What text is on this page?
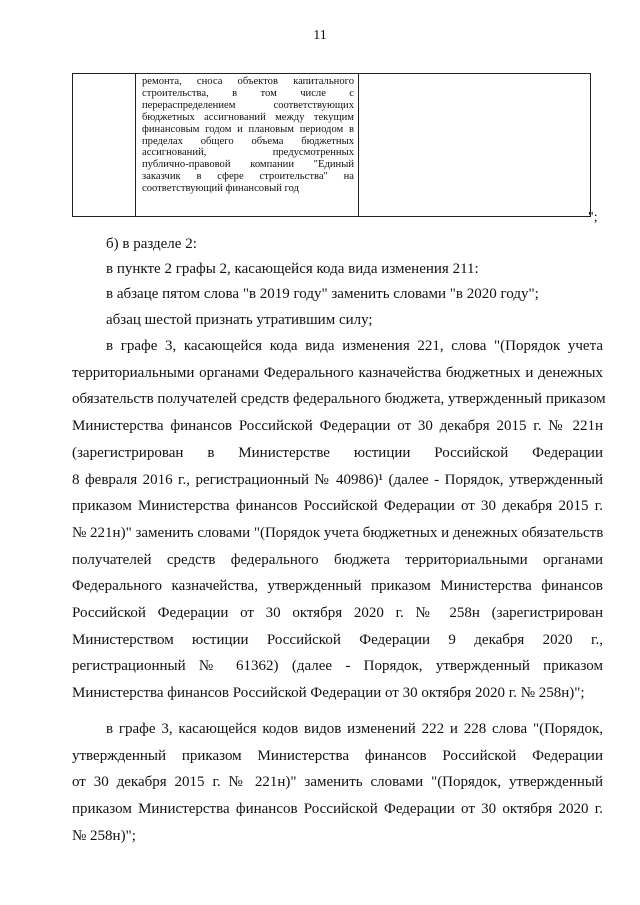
11

ремонта, сноса объектов капитального
строительства, в том числе с
перераспределением соответствующих
бюджетных ассигнований между текущим
финансовым годом и плановым периодом в
пределах общего объема бюджетных
ассигнований, предусмотренных
публично-правовой компании "Единый
заказчик в сфере строительства" на
соответствующий финансовый год

";
б) в разделе 2:
в пункте 2 графы 2, касающейся кода вида изменения 211:
в абзаце пятом слова "в 2019 году" заменить словами "в 2020 году";
абзац шестой признать утратившим силу;
в графе 3, касающейся кода вида изменения 221, слова "(Порядок учета
территориальными органами Федерального казначейства бюджетных и денежных
обязательств получателей средств федерального бюджета, утвержденный приказом
Министерства финансов Российской Федерации от 30 декабря 2015 г. № 221н
(зарегистрирован в Министерстве юстиции Российской Федерации
8 февраля 2016 г., регистрационный № 40986)¹ (далее - Порядок, утвержденный
приказом Министерства финансов Российской Федерации от 30 декабря 2015 г.
№ 221н)" заменить словами "(Порядок учета бюджетных и денежных обязательств
получателей средств федерального бюджета территориальными органами
Федерального казначейства, утвержденный приказом Министерства финансов
Российской Федерации от 30 октября 2020 г. № 258н (зарегистрирован
Министерством юстиции Российской Федерации 9 декабря 2020 г.,
регистрационный № 61362) (далее - Порядок, утвержденный приказом
Министерства финансов Российской Федерации от 30 октября 2020 г. № 258н)";
в графе 3, касающейся кодов видов изменений 222 и 228 слова "(Порядок,
утвержденный приказом Министерства финансов Российской Федерации
от 30 декабря 2015 г. № 221н)" заменить словами "(Порядок, утвержденный
приказом Министерства финансов Российской Федерации от 30 октября 2020 г.
№ 258н)";
